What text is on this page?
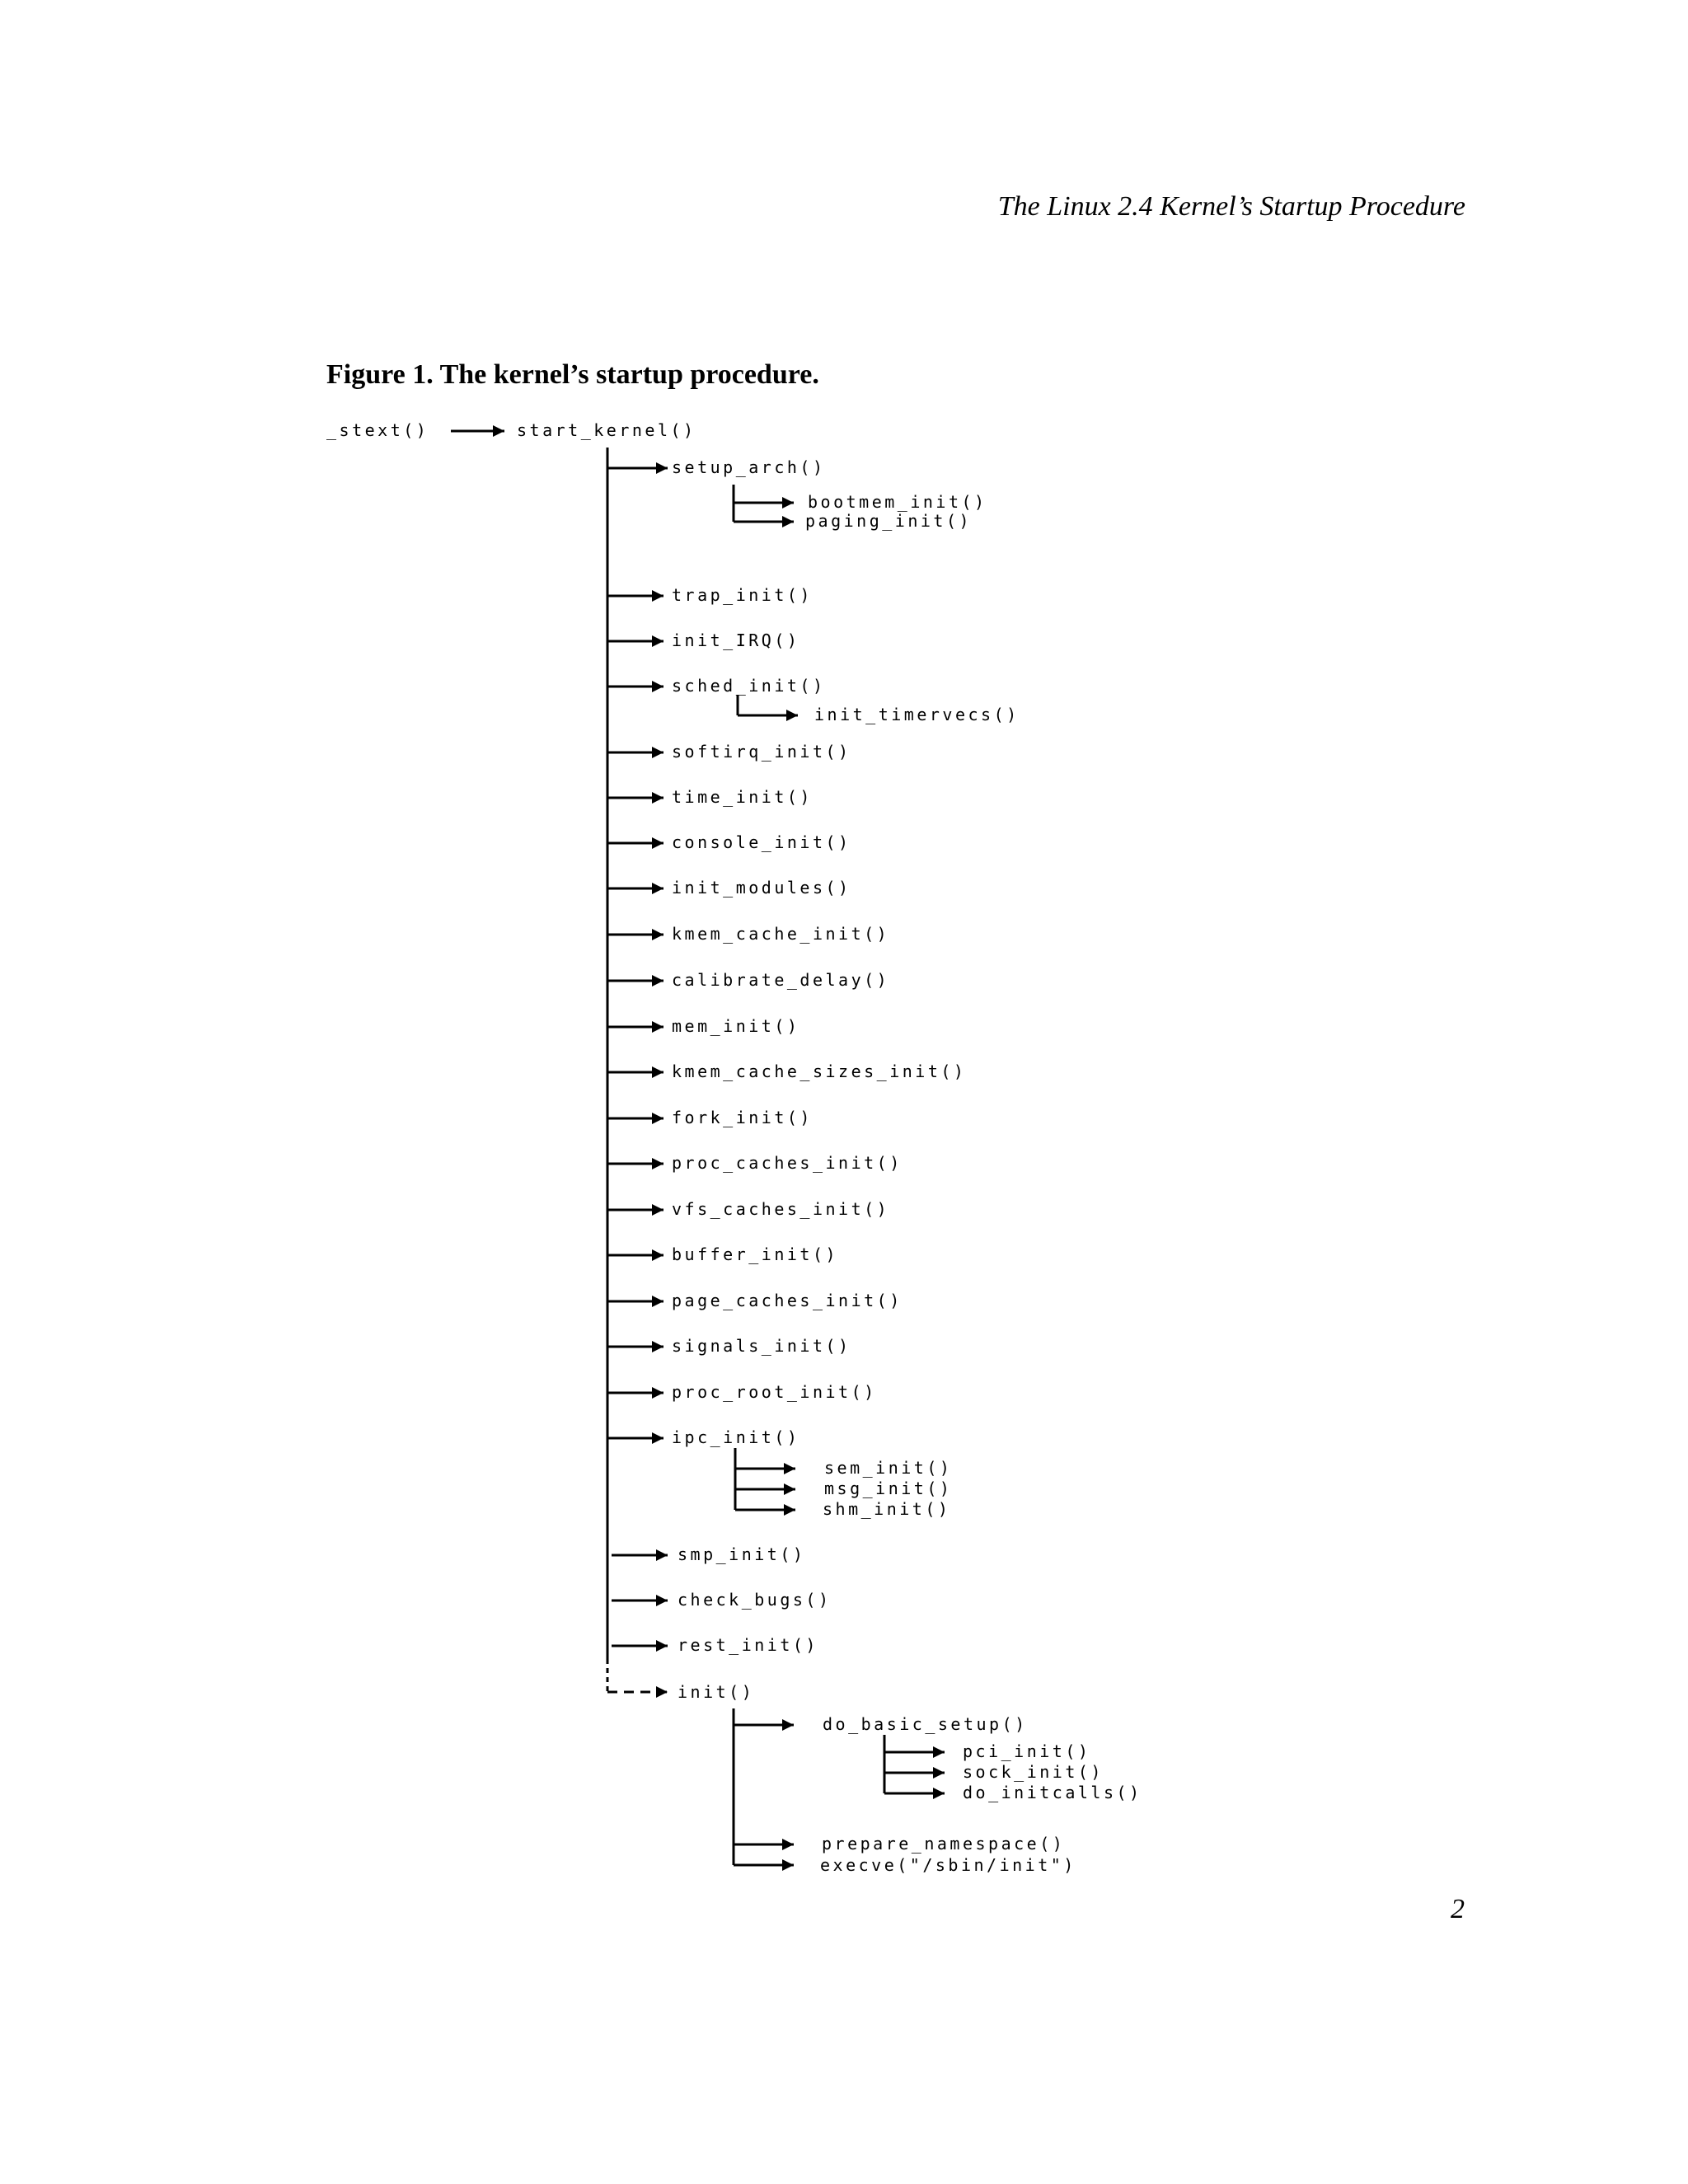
The Linux 2.4 Kernel’s Startup Procedure
Figure 1. The kernel’s startup procedure.
_stext()	start_kernel()
setup_arch()
bootmem_init()
paging_init()
trap_init()
init_IRQ()
sched_init()
init_timervecs()
softirq_init()
time_init()
console_init()
init_modules()
kmem_cache_init()
calibrate_delay()
mem_init()
kmem_cache_sizes_init()
fork_init()
proc_caches_init()
vfs_caches_init()
buffer_init()
page_caches_init()
signals_init()
proc_root_init()
ipc_init()
sem_init()
msg_init()
shm_init()
smp_init()
check_bugs()
rest_init()
init()
do_basic_setup()
pci_init()
sock_init()
do_initcalls()
prepare_namespace()
execve("/sbin/init")
2
